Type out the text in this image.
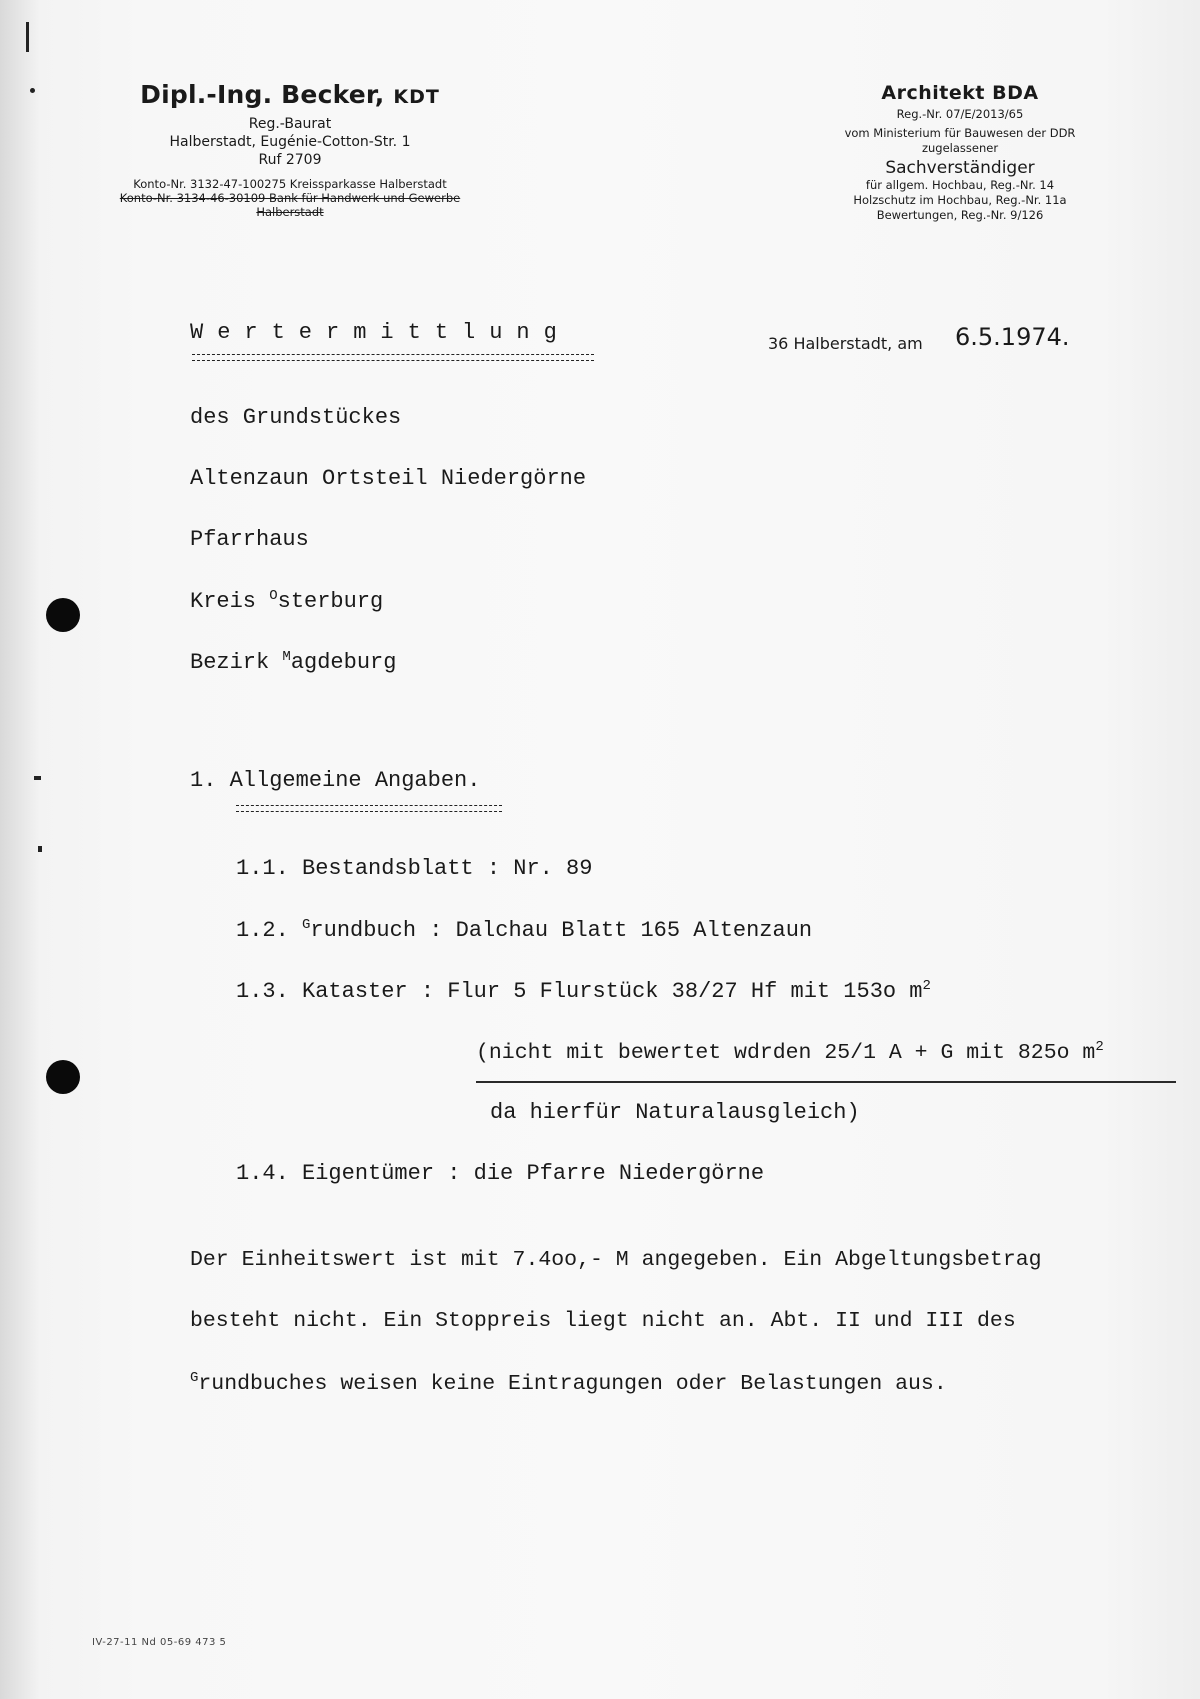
Dipl.-Ing. Becker, KDT
Reg.-Baurat
Halberstadt, Eugénie-Cotton-Str. 1
Ruf 2709
Konto-Nr. 3132-47-100275 Kreissparkasse Halberstadt
Konto-Nr. 3134-46-30109 Bank für Handwerk und Gewerbe
Halberstadt
Architekt BDA
Reg.-Nr. 07/E/2013/65
vom Ministerium für Bauwesen der DDR
zugelassener
Sachverständiger
für allgem. Hochbau, Reg.-Nr. 14
Holzschutz im Hochbau, Reg.-Nr. 11a
Bewertungen, Reg.-Nr. 9/126
Wertermittlung	36 Halberstadt, am 6.5.1974.
des Grundstückes
Altenzaun Ortsteil Niedergörne
Pfarrhaus
Kreis $^O$sterburg
Bezirk $^M$agdeburg
1. Allgemeine Angaben.
1.1. Bestandsblatt : Nr. 89
1.2. $^G$rundbuch : Dalchau Blatt 165 Altenzaun
1.3. Kataster : Flur 5 Flurstück 38/27 Hf mit 153o $m^2$
(nicht mit bewertet wdrden 25/1 A + G mit 825o $m^2$
da hierfür Naturalausgleich)
1.4. Eigentümer : die Pfarre Niedergörne
Der Einheitswert ist mit 7.4oo,- M angegeben. Ein Abgeltungsbetrag
besteht nicht. Ein Stoppreis liegt nicht an. Abt. II und III des
$^G$rundbuches weisen keine Eintragungen oder Belastungen aus.
IV-27-11 Nd 05-69 473 5
